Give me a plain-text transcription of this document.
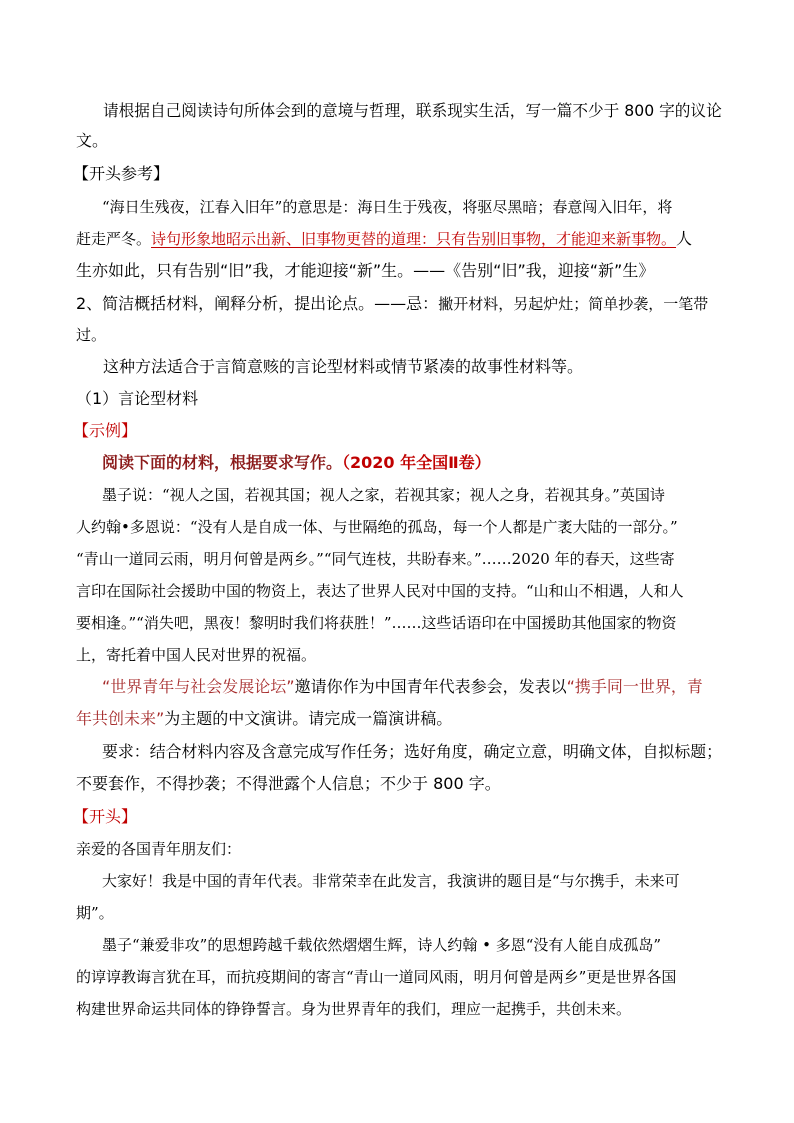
请根据自己阅读诗句所体会到的意境与哲理，联系现实生活，写一篇不少于 800 字的议论
文。
【开头参考】
“海日生残夜，江春入旧年”的意思是：海日生于残夜，将驱尽黑暗；春意闯入旧年，将
赶走严冬。诗句形象地昭示出新、旧事物更替的道理：只有告别旧事物，才能迎来新事物。人
生亦如此，只有告别“旧”我，才能迎接“新”生。——《告别“旧”我，迎接“新”生》
2、简洁概括材料，阐释分析，提出论点。——忌：撇开材料，另起炉灶；简单抄袭，一笔带
过。
这种方法适合于言简意赅的言论型材料或情节紧凑的故事性材料等。
（1）言论型材料
【示例】
阅读下面的材料，根据要求写作。（2020 年全国Ⅱ卷）
墨子说：“视人之国，若视其国；视人之家，若视其家；视人之身，若视其身。”英国诗
人约翰•多恩说：“没有人是自成一体、与世隔绝的孤岛，每一个人都是广袤大陆的一部分。”
“青山一道同云雨，明月何曾是两乡。”“同气连枝，共盼春来。”……2020 年的春天，这些寄
言印在国际社会援助中国的物资上，表达了世界人民对中国的支持。“山和山不相遇，人和人
要相逢。”“消失吧，黑夜！黎明时我们将获胜！”……这些话语印在中国援助其他国家的物资
上，寄托着中国人民对世界的祝福。
“世界青年与社会发展论坛”邀请你作为中国青年代表参会，发表以“携手同一世界，青
年共创未来”为主题的中文演讲。请完成一篇演讲稿。
要求：结合材料内容及含意完成写作任务；选好角度，确定立意，明确文体，自拟标题；
不要套作，不得抄袭；不得泄露个人信息；不少于 800 字。
【开头】
亲爱的各国青年朋友们：
大家好！我是中国的青年代表。非常荣幸在此发言，我演讲的题目是“与尔携手，未来可
期”。
墨子“兼爱非攻”的思想跨越千载依然熠熠生辉，诗人约翰 • 多恩“没有人能自成孤岛”
的谆谆教诲言犹在耳，而抗疫期间的寄言“青山一道同风雨，明月何曾是两乡”更是世界各国
构建世界命运共同体的铮铮誓言。身为世界青年的我们，理应一起携手，共创未来。
